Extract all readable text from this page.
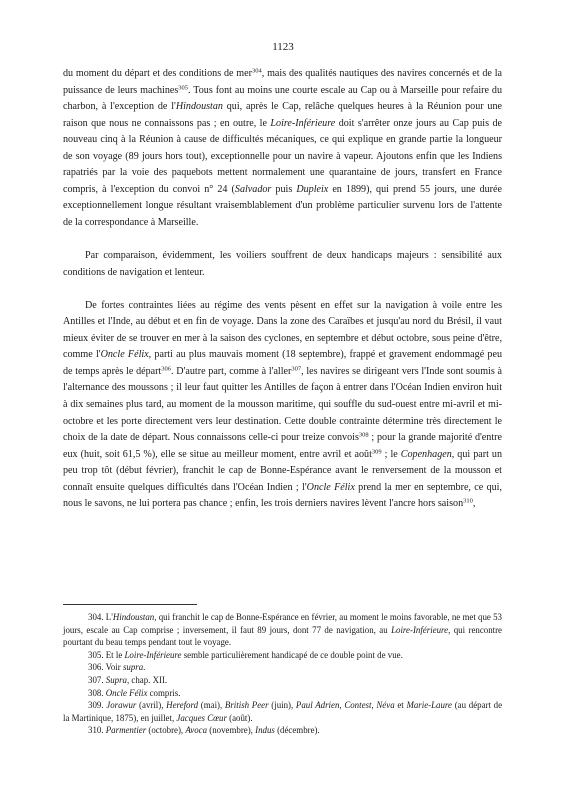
1123

du moment du départ et des conditions de mer$^{304}$, mais des qualités nautiques des navires concernés et de la puissance de leurs machines$^{305}$. Tous font au moins une courte escale au Cap ou à Marseille pour refaire du charbon, à l'exception de l'Hindoustan qui, après le Cap, relâche quelques heures à la Réunion pour une raison que nous ne connaissons pas ; en outre, le Loire-Inférieure doit s'arrêter onze jours au Cap puis de nouveau cinq à la Réunion à cause de difficultés mécaniques, ce qui explique en grande partie la longueur de son voyage (89 jours hors tout), exceptionnelle pour un navire à vapeur. Ajoutons enfin que les Indiens rapatriés par la voie des paquebots mettent normalement une quarantaine de jours, transfert en France compris, à l'exception du convoi n° 24 (Salvador puis Dupleix en 1899), qui prend 55 jours, une durée exceptionnellement longue résultant vraisemblablement d'un problème particulier survenu lors de l'attente de la correspondance à Marseille.

Par comparaison, évidemment, les voiliers souffrent de deux handicaps majeurs : sensibilité aux conditions de navigation et lenteur.

De fortes contraintes liées au régime des vents pèsent en effet sur la navigation à voile entre les Antilles et l'Inde, au début et en fin de voyage. Dans la zone des Caraïbes et jusqu'au nord du Brésil, il vaut mieux éviter de se trouver en mer à la saison des cyclones, en septembre et début octobre, sous peine d'être, comme l'Oncle Félix, parti au plus mauvais moment (18 septembre), frappé et gravement endommagé peu de temps après le départ$^{306}$. D'autre part, comme à l'aller$^{307}$, les navires se dirigeant vers l'Inde sont soumis à l'alternance des moussons ; il leur faut quitter les Antilles de façon à entrer dans l'Océan Indien environ huit à dix semaines plus tard, au moment de la mousson maritime, qui souffle du sud-ouest entre mi-avril et mi-octobre et les porte directement vers leur destination. Cette double contrainte détermine très directement le choix de la date de départ. Nous connaissons celle-ci pour treize convois$^{308}$ ; pour la grande majorité d'entre eux (huit, soit 61,5 %), elle se situe au meilleur moment, entre avril et août$^{309}$ ; le Copenhagen, qui part un peu trop tôt (début février), franchit le cap de Bonne-Espérance avant le renversement de la mousson et connaît ensuite quelques difficultés dans l'Océan Indien ; l'Oncle Félix prend la mer en septembre, ce qui, nous le savons, ne lui portera pas chance ; enfin, les trois derniers navires lèvent l'ancre hors saison$^{310}$,

304. L'Hindoustan, qui franchit le cap de Bonne-Espérance en février, au moment le moins favorable, ne met que 53 jours, escale au Cap comprise ; inversement, il faut 89 jours, dont 77 de navigation, au Loire-Inférieure, qui rencontre pourtant du beau temps pendant tout le voyage.

305. Et le Loire-Inférieure semble particulièrement handicapé de ce double point de vue.

306. Voir supra.

307. Supra, chap. XII.

308. Oncle Félix compris.

309. Jorawur (avril), Hereford (mai), British Peer (juin), Paul Adrien, Contest, Néva et Marie-Laure (au départ de la Martinique, 1875), en juillet, Jacques Cœur (août).

310. Parmentier (octobre), Avoca (novembre), Indus (décembre).
